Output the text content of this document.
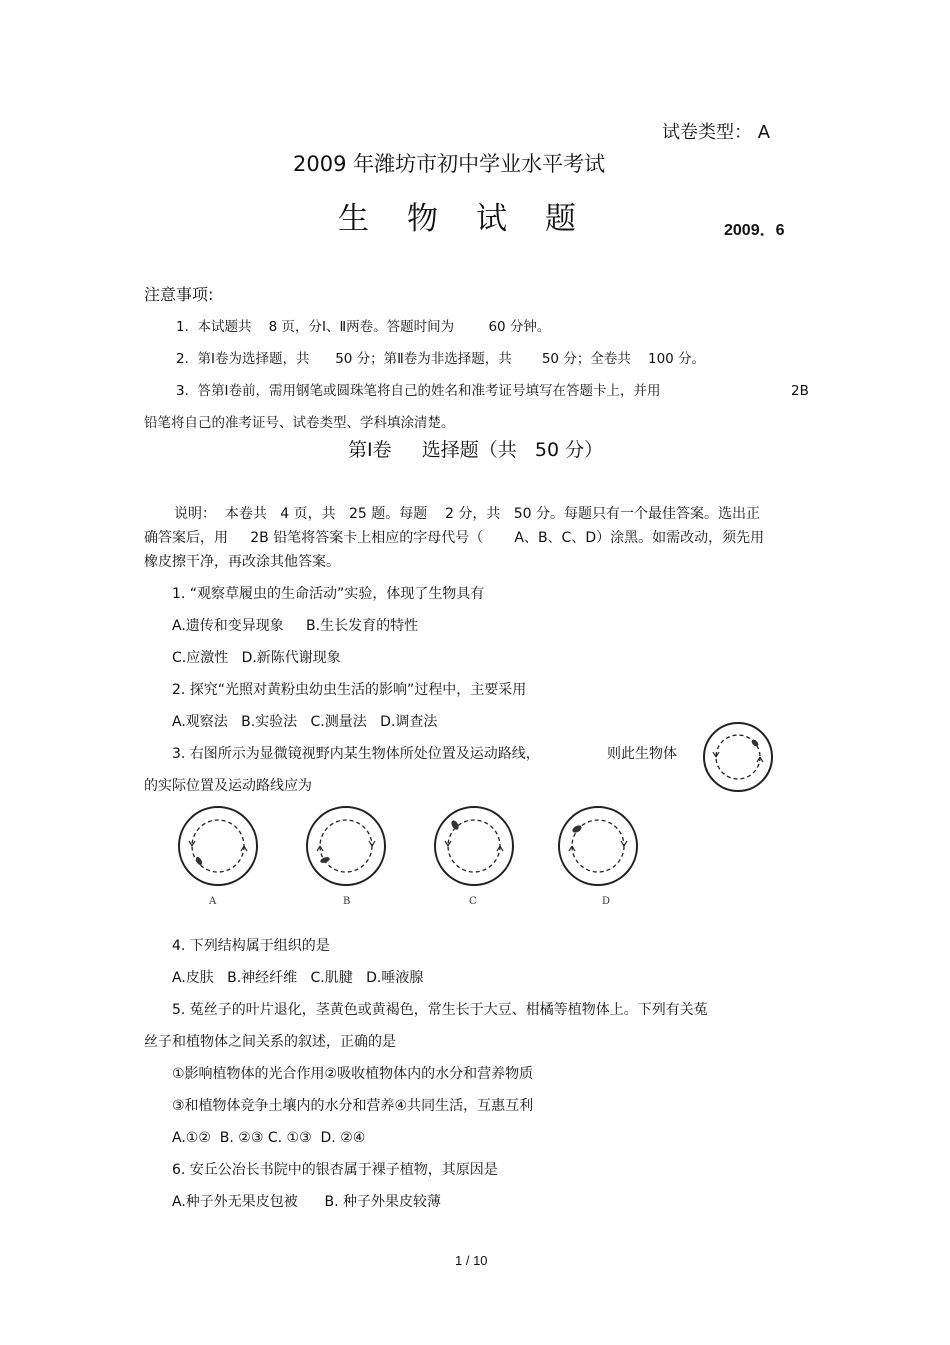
试卷类型： A
2009 年潍坊市初中学业水平考试
生物试题	2009．6
注意事项:
1.  本试题共    8 页，分Ⅰ、Ⅱ两卷。答题时间为        60 分钟。
2.  第Ⅰ卷为选择题，共      50 分；第Ⅱ卷为非选择题，共       50 分；全卷共    100 分。
3.  答第Ⅰ卷前，需用钢笔或圆珠笔将自己的姓名和准考证号填写在答题卡上，并用	2B
铅笔将自己的准考证号、试卷类型、学科填涂清楚。
第Ⅰ卷     选择题（共   50 分）
说明：  本卷共   4 页，共   25 题。每题    2 分，共   50 分。每题只有一个最佳答案。选出正
确答案后，用     2B 铅笔将答案卡上相应的字母代号（       A、B、C、D）涂黑。如需改动，须先用
橡皮擦干净，再改涂其他答案。
1. “观察草履虫的生命活动”实验，体现了生物具有
A.遗传和变异现象     B.生长发育的特性
C.应激性   D.新陈代谢现象
2. 探究“光照对黄粉虫幼虫生活的影响”过程中，主要采用
A.观察法   B.实验法   C.测量法   D.调查法
3. 右图所示为显微镜视野内某生物体所处位置及运动路线，	则此生物体
的实际位置及运动路线应为
A	B	C	D
4. 下列结构属于组织的是
A.皮肤   B.神经纤维   C.肌腱   D.唾液腺
5. 菟丝子的叶片退化，茎黄色或黄褐色，常生长于大豆、柑橘等植物体上。下列有关菟
丝子和植物体之间关系的叙述，正确的是
①影响植物体的光合作用②吸收植物体内的水分和营养物质
③和植物体竞争土壤内的水分和营养④共同生活，互惠互利
A.①②  B. ②③ C. ①③  D. ②④
6. 安丘公冶长书院中的银杏属于裸子植物，其原因是
A.种子外无果皮包被      B. 种子外果皮较薄
1 / 10
